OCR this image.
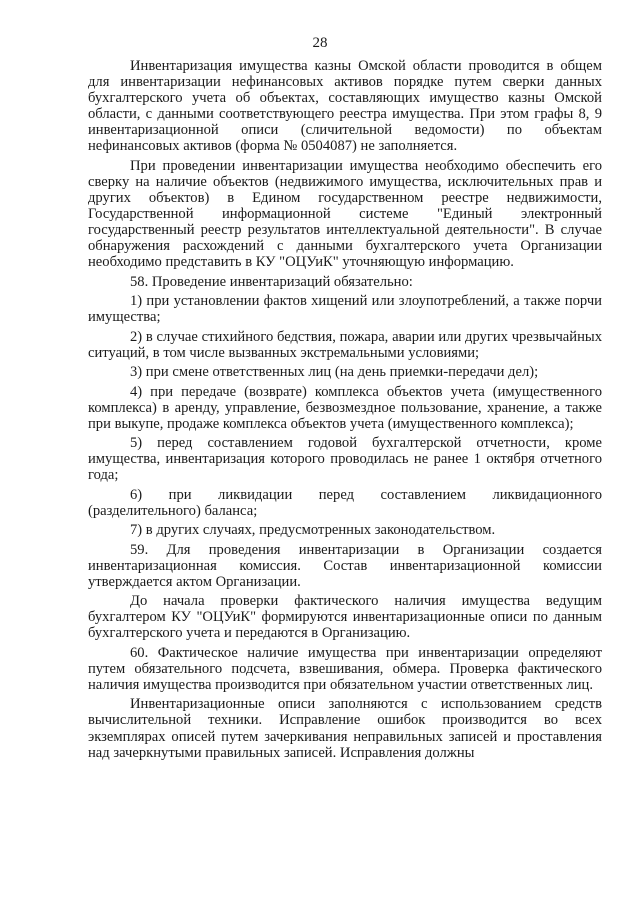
28

Инвентаризация имущества казны Омской области проводится в общем для инвентаризации нефинансовых активов порядке путем сверки данных бухгалтерского учета об объектах, составляющих имущество казны Омской области, с данными соответствующего реестра имущества. При этом графы 8, 9 инвентаризационной описи (сличительной ведомости) по объектам нефинансовых активов (форма № 0504087) не заполняется.

При проведении инвентаризации имущества необходимо обеспечить его сверку на наличие объектов (недвижимого имущества, исключительных прав и других объектов) в Едином государственном реестре недвижимости, Государственной информационной системе "Единый электронный государственный реестр результатов интеллектуальной деятельности". В случае обнаружения расхождений с данными бухгалтерского учета Организации необходимо представить в КУ "ОЦУиК" уточняющую информацию.

58. Проведение инвентаризаций обязательно:

1) при установлении фактов хищений или злоупотреблений, а также порчи имущества;

2) в случае стихийного бедствия, пожара, аварии или других чрезвычайных ситуаций, в том числе вызванных экстремальными условиями;

3) при смене ответственных лиц (на день приемки-передачи дел);

4) при передаче (возврате) комплекса объектов учета (имущественного комплекса) в аренду, управление, безвозмездное пользование, хранение, а также при выкупе, продаже комплекса объектов учета (имущественного комплекса);

5) перед составлением годовой бухгалтерской отчетности, кроме имущества, инвентаризация которого проводилась не ранее 1 октября отчетного года;

6) при ликвидации перед составлением ликвидационного (разделительного) баланса;

7) в других случаях, предусмотренных законодательством.

59. Для проведения инвентаризации в Организации создается инвентаризационная комиссия. Состав инвентаризационной комиссии утверждается актом Организации.

До начала проверки фактического наличия имущества ведущим бухгалтером КУ "ОЦУиК" формируются инвентаризационные описи по данным бухгалтерского учета и передаются в Организацию.

60. Фактическое наличие имущества при инвентаризации определяют путем обязательного подсчета, взвешивания, обмера. Проверка фактического наличия имущества производится при обязательном участии ответственных лиц.

Инвентаризационные описи заполняются с использованием средств вычислительной техники. Исправление ошибок производится во всех экземплярах описей путем зачеркивания неправильных записей и проставления над зачеркнутыми правильных записей. Исправления должны
